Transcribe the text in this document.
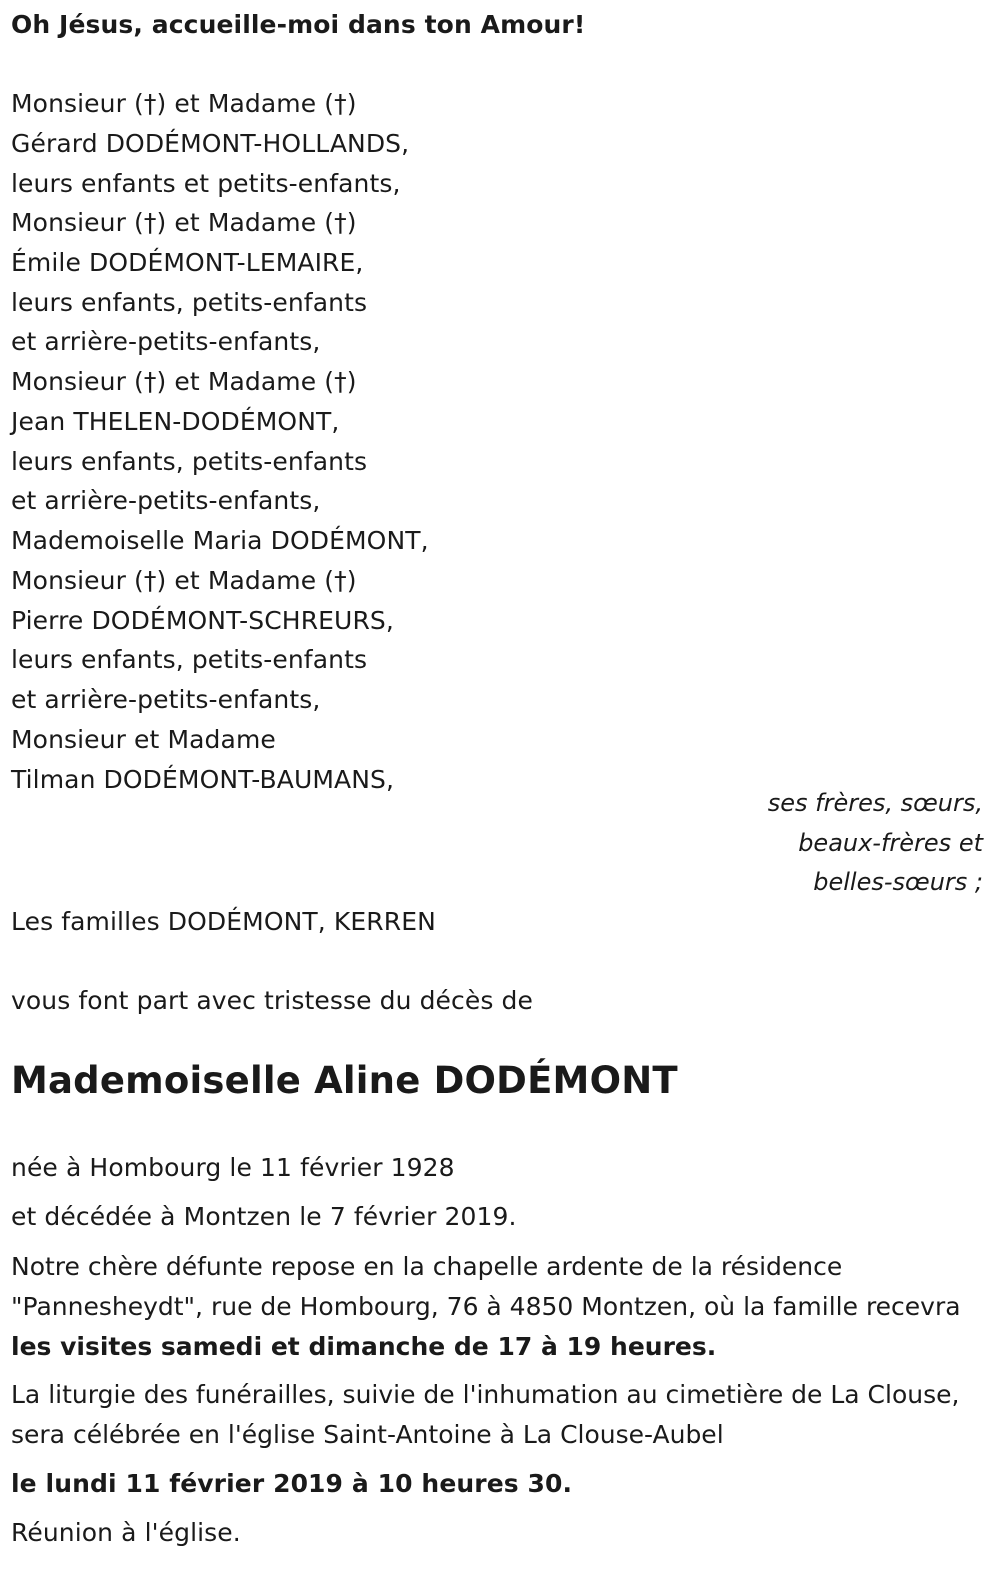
Oh Jésus, accueille-moi dans ton Amour!
Monsieur (†) et Madame (†)
Gérard DODÉMONT-HOLLANDS,
leurs enfants et petits-enfants,
Monsieur (†) et Madame (†)
Émile DODÉMONT-LEMAIRE,
leurs enfants, petits-enfants
et arrière-petits-enfants,
Monsieur (†) et Madame (†)
Jean THELEN-DODÉMONT,
leurs enfants, petits-enfants
et arrière-petits-enfants,
Mademoiselle Maria DODÉMONT,
Monsieur (†) et Madame (†)
Pierre DODÉMONT-SCHREURS,
leurs enfants, petits-enfants
et arrière-petits-enfants,
Monsieur et Madame
Tilman DODÉMONT-BAUMANS,
ses frères, sœurs,
beaux-frères et
belles-sœurs ;
Les familles DODÉMONT, KERREN
vous font part avec tristesse du décès de
Mademoiselle Aline DODÉMONT
née à Hombourg le 11 février 1928
et décédée à Montzen le 7 février 2019.
Notre chère défunte repose en la chapelle ardente de la résidence "Pannesheydt", rue de Hombourg, 76 à 4850 Montzen, où la famille recevra les visites samedi et dimanche de 17 à 19 heures.
La liturgie des funérailles, suivie de l'inhumation au cimetière de La Clouse, sera célébrée en l'église Saint-Antoine à La Clouse-Aubel
le lundi 11 février 2019 à 10 heures 30.
Réunion à l'église.
